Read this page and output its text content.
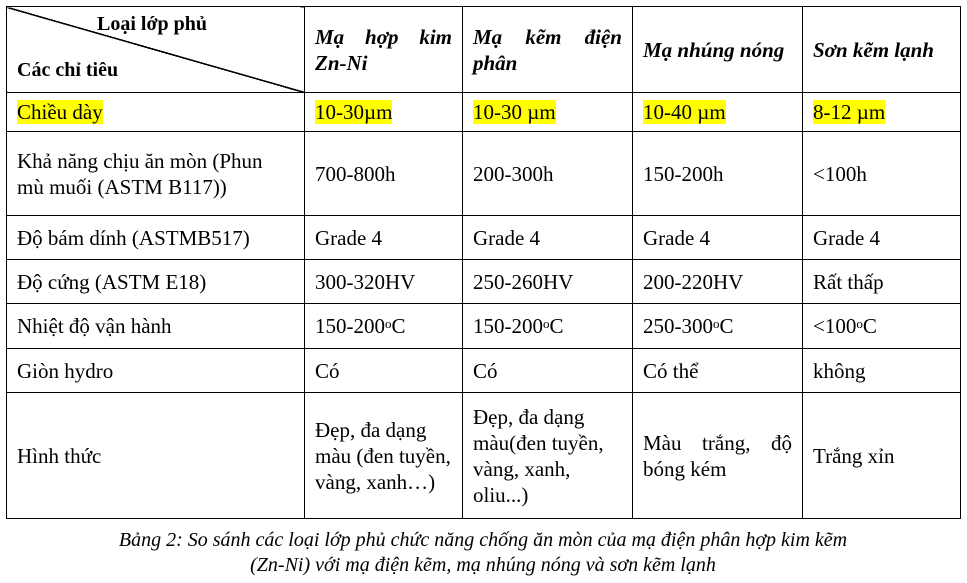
Loại lớp phủ
Các chỉ tiêu	Mạ hợp kim Zn-Ni	Mạ kẽm điện phân	Mạ nhúng nóng	Sơn kẽm lạnh
Chiều dày	10-30µm	10-30 µm	10-40 µm	8-12 µm
Khả năng chịu ăn mòn (Phun mù muối (ASTM B117))	700-800h	200-300h	150-200h	<100h
Độ bám dính (ASTMB517)	Grade 4	Grade 4	Grade 4	Grade 4
Độ cứng (ASTM E18)	300-320HV	250-260HV	200-220HV	Rất thấp
Nhiệt độ vận hành	150-200$^o$C	150-200$^o$C	$250-300^oC$	$<100^oC$
Giòn hydro	Có	Có	Có thể	không
Hình thức	Đẹp, đa dạng màu (đen tuyền, vàng, xanh…)	Đẹp, đa dạng màu(đen tuyền, vàng, xanh, oliu...)	Màu trắng, độ bóng kém	Trắng xỉn
Bảng 2: So sánh các loại lớp phủ chức năng chống ăn mòn của mạ điện phân hợp kim kẽm
(Zn-Ni) với mạ điện kẽm, mạ nhúng nóng và sơn kẽm lạnh
